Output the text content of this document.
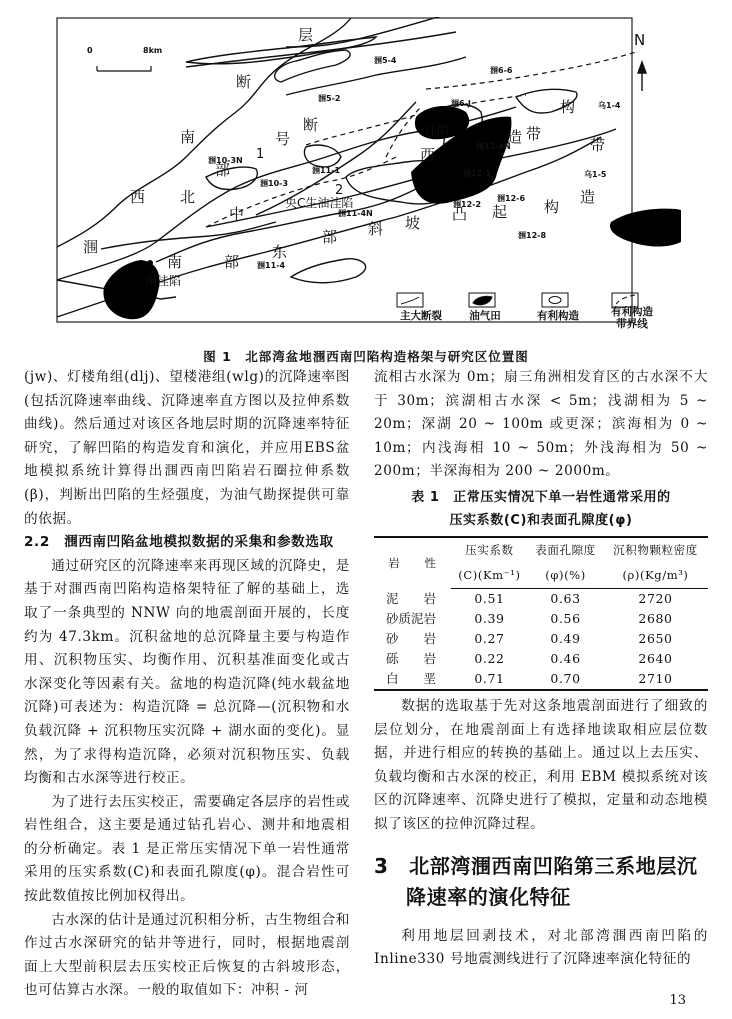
0	8km
N
层
断
南
断
号
部
西 北
中
涠
南	部
东
部 斜 坡 凸 起 构
造
带
造
构
带
1
2
西
央C生油洼陷
南洼陷
洼陷
涠5-4
涠6-6
涠5-2
涠6-J
涠10-3N
涠10-3
涠11-1
涠11-4N
涠11-4
涠12-1
涠12-2
涠12-6
涠12-8
涠12-4N
乌1-4
乌1-5
主大断裂	油气田	有利构造	有利构造
带界线
图 1　北部湾盆地涠西南凹陷构造格架与研究区位置图

(jw)、灯楼角组(dlj)、望楼港组(wlg)的沉降速率图(包括沉降速率曲线、沉降速率直方图以及拉伸系数曲线)。然后通过对该区各地层时期的沉降速率特征研究，了解凹陷的构造发育和演化，并应用EBS盆地模拟系统计算得出涠西南凹陷岩石圈拉伸系数(β)，判断出凹陷的生烃强度，为油气勘探提供可靠的依据。

2.2　涠西南凹陷盆地模拟数据的采集和参数选取

通过研究区的沉降速率来再现区域的沉降史，是基于对涠西南凹陷构造格架特征了解的基础上，选取了一条典型的 NNW 向的地震剖面开展的，长度约为 47.3km。沉积盆地的总沉降量主要与构造作用、沉积物压实、均衡作用、沉积基准面变化或古水深变化等因素有关。盆地的构造沉降(纯水载盆地沉降)可表述为：构造沉降 = 总沉降—(沉积物和水负载沉降 + 沉积物压实沉降 + 湖水面的变化)。显然，为了求得构造沉降，必须对沉积物压实、负载均衡和古水深等进行校正。

为了进行去压实校正，需要确定各层序的岩性或岩性组合，这主要是通过钻孔岩心、测井和地震相的分析确定。表 1 是正常压实情况下单一岩性通常采用的压实系数(C)和表面孔隙度(φ)。混合岩性可按此数值按比例加权得出。

古水深的估计是通过沉积相分析，古生物组合和作过古水深研究的钻井等进行，同时，根据地震剖面上大型前积层去压实校正后恢复的古斜坡形态，也可估算古水深。一般的取值如下：冲积 - 河

流相古水深为 0m；扇三角洲相发育区的古水深不大于 30m；滨湖相古水深 < 5m；浅湖相为 5 ~ 20m；深湖 20 ~ 100m 或更深；滨海相为 0 ~ 10m；内浅海相 10 ~ 50m；外浅海相为 50 ~ 200m；半深海相为 200 ~ 2000m。

表 1　正常压实情况下单一岩性通常采用的
压实系数(C)和表面孔隙度(φ)
岩　　性	压实系数	表面孔隙度	沉积物颗粒密度
	(C)(Km⁻¹)	(φ)(%)	(ρ)(Kg/m³)
泥　　岩	0.51	0.63	2720
砂质泥岩	0.39	0.56	2680
砂　　岩	0.27	0.49	2650
砾　　岩	0.22	0.46	2640
白　　垩	0.71	0.70	2710

数据的选取基于先对这条地震剖面进行了细致的层位划分，在地震剖面上有选择地读取相应层位数据，并进行相应的转换的基础上。通过以上去压实、负载均衡和古水深的校正，利用 EBM 模拟系统对该区的沉降速率、沉降史进行了模拟，定量和动态地模拟了该区的拉伸沉降过程。

3　北部湾涠西南凹陷第三系地层沉
降速率的演化特征

利用地层回剥技术，对北部湾涠西南凹陷的 Inline330 号地震测线进行了沉降速率演化特征的

13
